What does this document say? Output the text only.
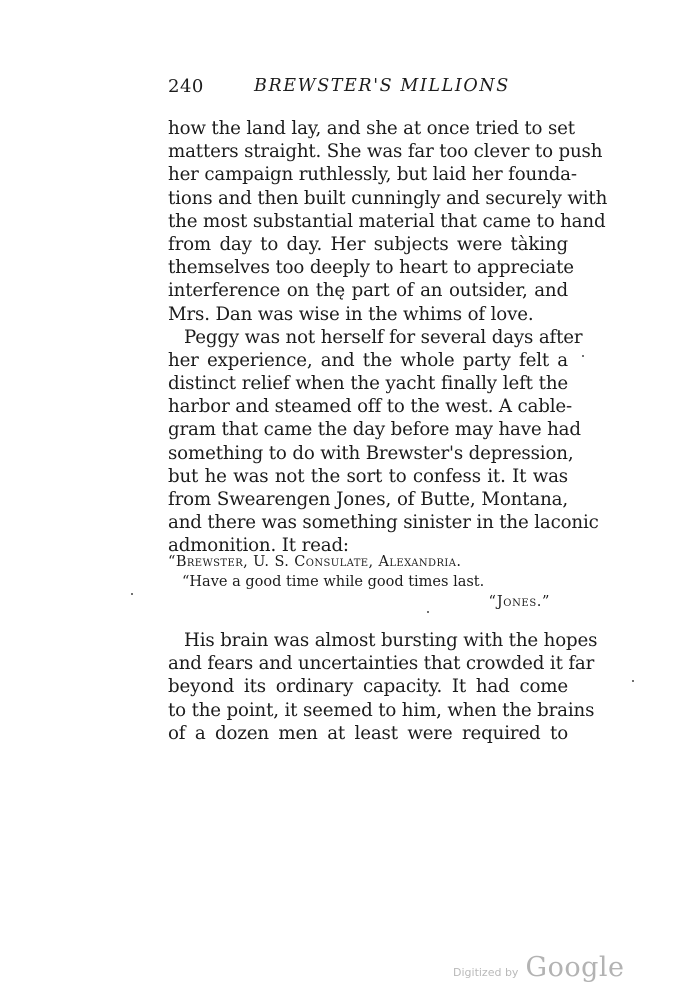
240	BREWSTER'S MILLIONS
how the land lay, and she at once tried to set
matters straight. She was far too clever to push
her campaign ruthlessly, but laid her founda-
tions and then built cunningly and securely with
the most substantial material that came to hand
from day to day. Her subjects were tàking
themselves too deeply to heart to appreciate
interference on thę part of an outsider, and
Mrs. Dan was wise in the whims of love.
Peggy was not herself for several days after
her experience, and the whole party felt a
distinct relief when the yacht finally left the
harbor and steamed off to the west. A cable-
gram that came the day before may have had
something to do with Brewster's depression,
but he was not the sort to confess it. It was
from Swearengen Jones, of Butte, Montana,
and there was something sinister in the laconic
admonition. It read:
“Brewster, U. S. Consulate, Alexandria.
“Have a good time while good times last.
“Jones.”
His brain was almost bursting with the hopes
and fears and uncertainties that crowded it far
beyond its ordinary capacity. It had come
to the point, it seemed to him, when the brains
of a dozen men at least were required to
Digitized by Google
